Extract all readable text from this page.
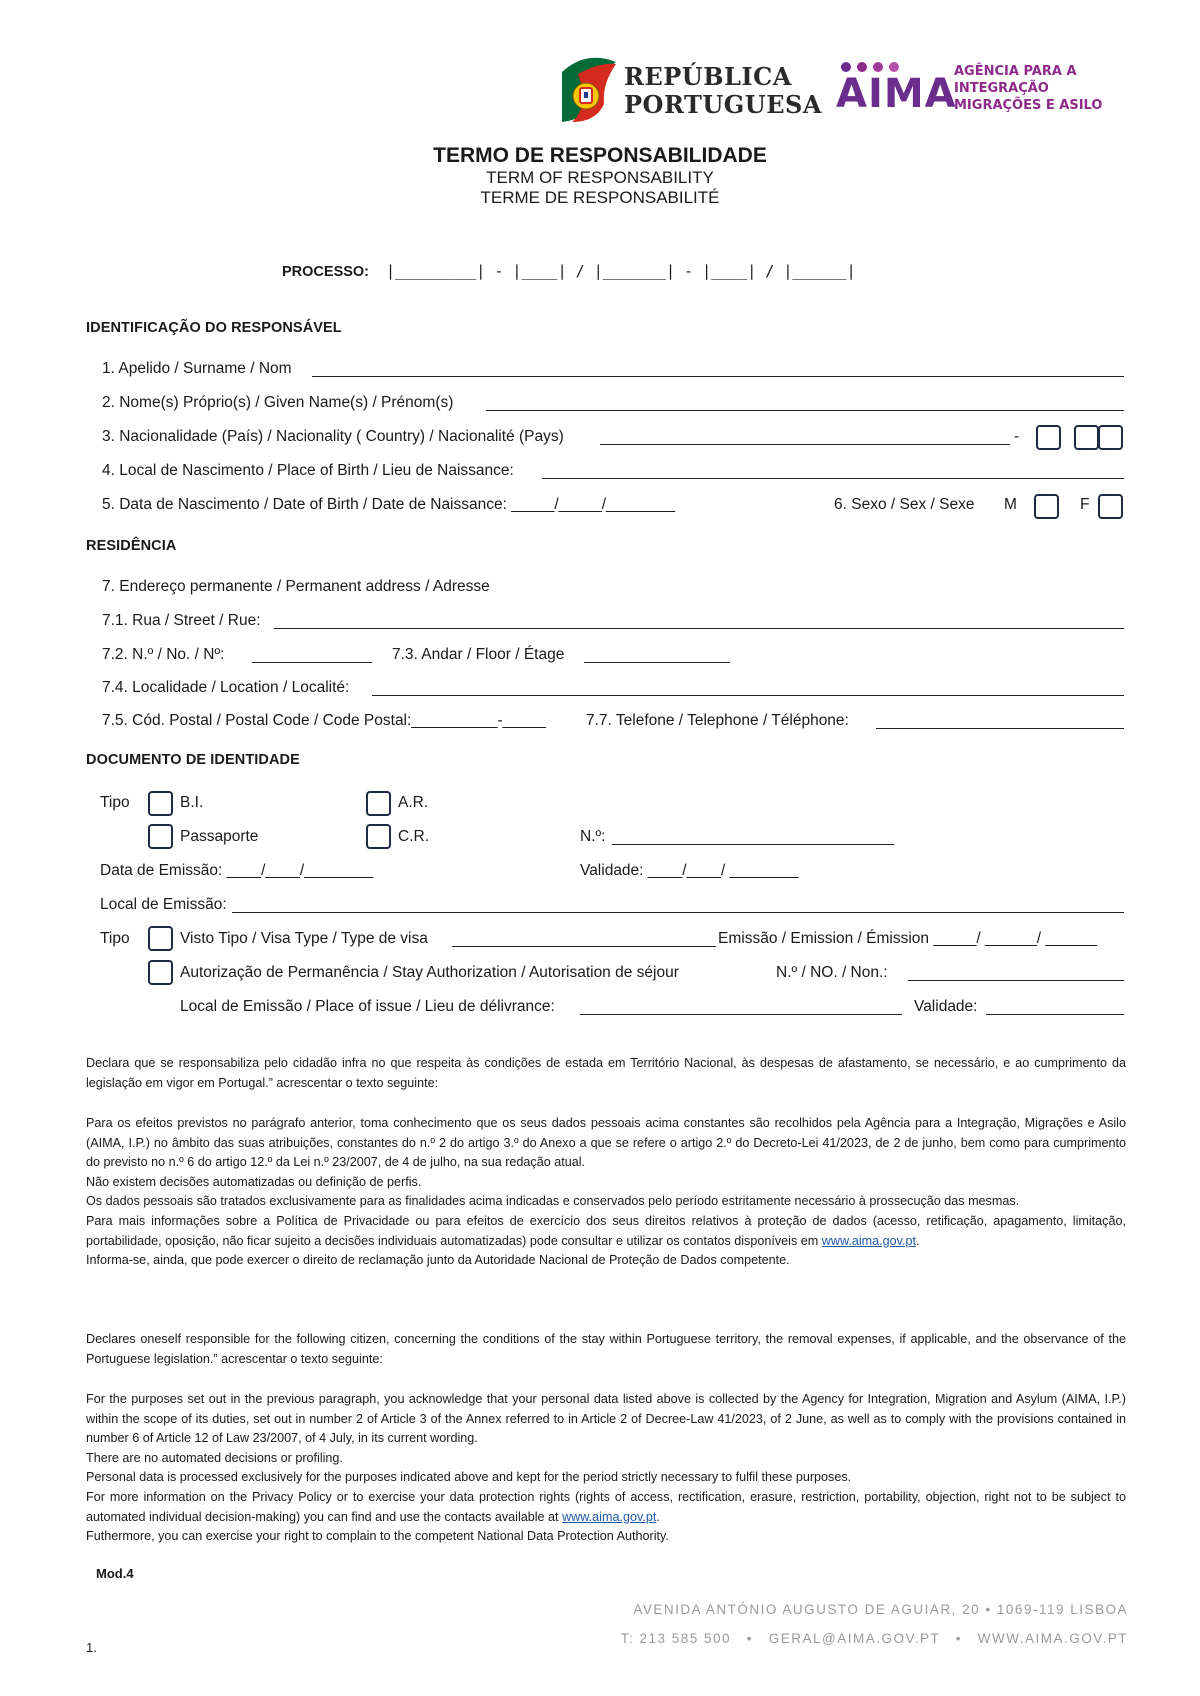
REPÚBLICA
PORTUGUESA AIMA
AGÊNCIA PARA A
INTEGRAÇÃO
MIGRAÇÕES E ASILO
TERMO DE RESPONSABILIDADE
TERM OF RESPONSABILITY
TERME DE RESPONSABILITÉ
PROCESSO: |_________| - |____| / |_______| - |____| / |______|
IDENTIFICAÇÃO DO RESPONSÁVEL
1. Apelido / Surname / Nom
2. Nome(s) Próprio(s) / Given Name(s) / Prénom(s)
3. Nacionalidade (País) / Nacionality ( Country) / Nacionalité (Pays)	-
4. Local de Nascimento / Place of Birth / Lieu de Naissance:
5. Data de Nascimento / Date of Birth / Date de Naissance: _____/_____/________	6. Sexo / Sex / Sexe M	F
RESIDÊNCIA
7. Endereço permanente / Permanent address / Adresse
7.1. Rua / Street / Rue:
7.2. N.º / No. / Nº:	7.3. Andar / Floor / Étage
7.4. Localidade / Location / Localité:
7.5. Cód. Postal / Postal Code / Code Postal:__________-_____	7.7. Telefone / Telephone / Téléphone:
DOCUMENTO DE IDENTIDADE
Tipo	B.I.	A.R.
Passaporte	C.R.	N.º:
Data de Emissão: ____/____/________	Validade: ____/____/ ________
Local de Emissão:
Tipo	Visto Tipo / Visa Type / Type de visa	Emissão / Emission / Émission _____/ ______/ ______
Autorização de Permanência / Stay Authorization / Autorisation de séjour	N.º / NO. / Non.:
Local de Emissão / Place of issue / Lieu de délivrance:	Validade:

Declara que se responsabiliza pelo cidadão infra no que respeita às condições de estada em Território Nacional, às despesas de afastamento, se necessário, e ao cumprimento da legislação em vigor em Portugal.” acrescentar o texto seguinte:

Para os efeitos previstos no parágrafo anterior, toma conhecimento que os seus dados pessoais acima constantes são recolhidos pela Agência para a Integração, Migrações e Asilo (AIMA, I.P.) no âmbito das suas atribuições, constantes do n.º 2 do artigo 3.º do Anexo a que se refere o artigo 2.º do Decreto-Lei 41/2023, de 2 de junho, bem como para cumprimento do previsto no n.º 6 do artigo 12.º da Lei n.º 23/2007, de 4 de julho, na sua redação atual.

Não existem decisões automatizadas ou definição de perfis.

Os dados pessoais são tratados exclusivamente para as finalidades acima indicadas e conservados pelo período estritamente necessário à prossecução das mesmas.

Para mais informações sobre a Política de Privacidade ou para efeitos de exercício dos seus direitos relativos à proteção de dados (acesso, retificação, apagamento, limitação, portabilidade, oposição, não ficar sujeito a decisões individuais automatizadas) pode consultar e utilizar os contatos disponíveis em www.aima.gov.pt.

Informa-se, ainda, que pode exercer o direito de reclamação junto da Autoridade Nacional de Proteção de Dados competente.

Declares oneself responsible for the following citizen, concerning the conditions of the stay within Portuguese territory, the removal expenses, if applicable, and the observance of the Portuguese legislation.” acrescentar o texto seguinte:

For the purposes set out in the previous paragraph, you acknowledge that your personal data listed above is collected by the Agency for Integration, Migration and Asylum (AIMA, I.P.) within the scope of its duties, set out in number 2 of Article 3 of the Annex referred to in Article 2 of Decree-Law 41/2023, of 2 June, as well as to comply with the provisions contained in number 6 of Article 12 of Law 23/2007, of 4 July, in its current wording.

There are no automated decisions or profiling.

Personal data is processed exclusively for the purposes indicated above and kept for the period strictly necessary to fulfil these purposes.

For more information on the Privacy Policy or to exercise your data protection rights (rights of access, rectification, erasure, restriction, portability, objection, right not to be subject to automated individual decision-making) you can find and use the contacts available at www.aima.gov.pt.

Futhermore, you can exercise your right to complain to the competent National Data Protection Authority.

Mod.4
AVENIDA ANTÓNIO AUGUSTO DE AGUIAR, 20 • 1069-119 LISBOA
T: 213 585 500   •   GERAL@AIMA.GOV.PT   •   WWW.AIMA.GOV.PT
1.
